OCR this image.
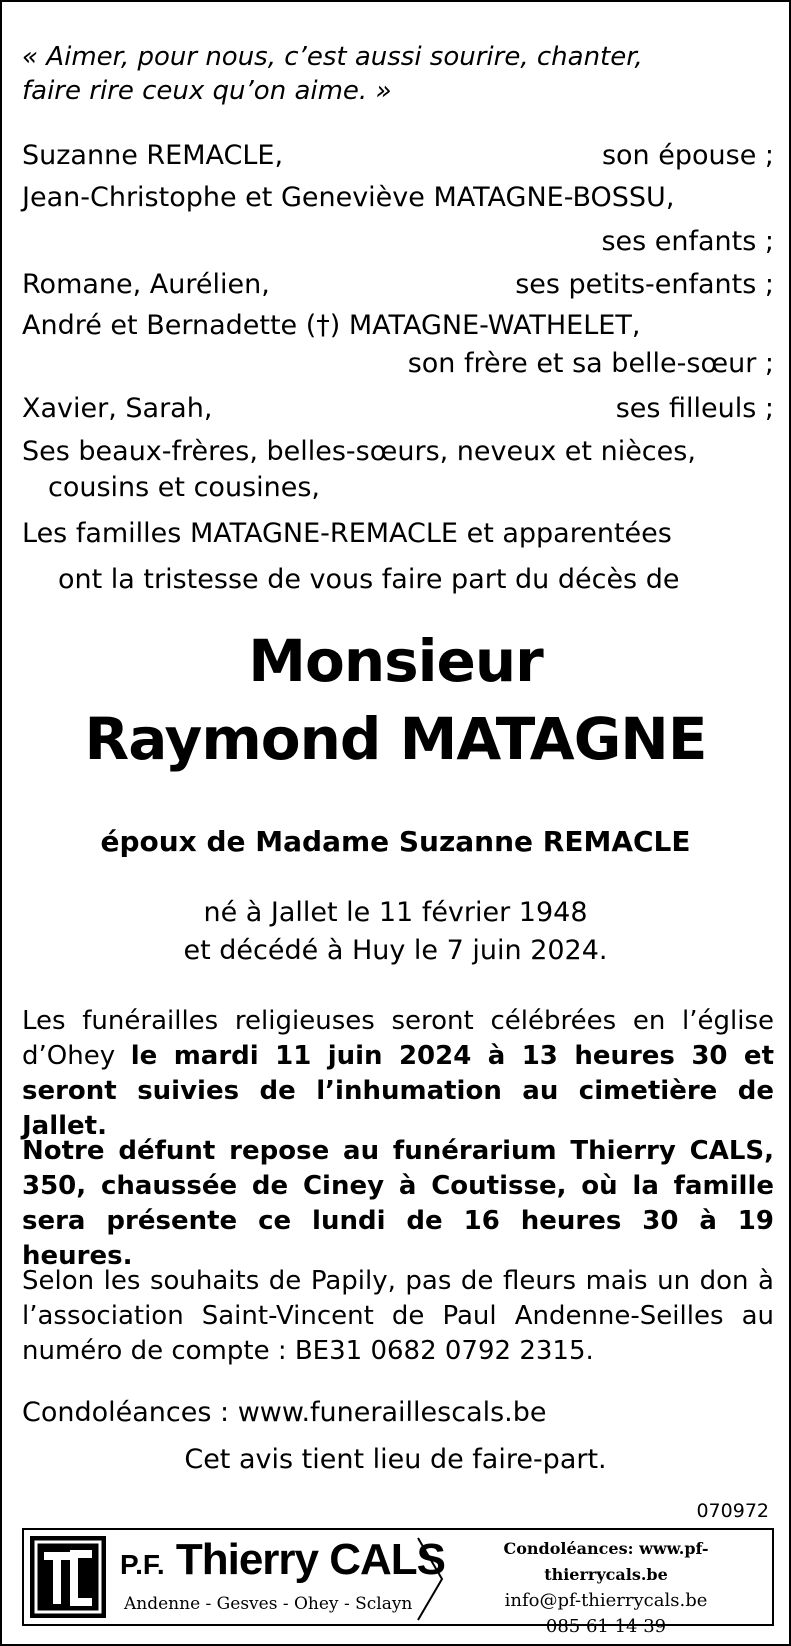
« Aimer, pour nous, c’est aussi sourire, chanter,
faire rire ceux qu’on aime. »
Suzanne REMACLE,	son épouse ;
Jean-Christophe et Geneviève MATAGNE-BOSSU,
ses enfants ;
Romane, Aurélien,	ses petits-enfants ;
André et Bernadette (†) MATAGNE-WATHELET,
son frère et sa belle-sœur ;
Xavier, Sarah,	ses filleuls ;
Ses beaux-frères, belles-sœurs, neveux et nièces,
cousins et cousines,
Les familles MATAGNE-REMACLE et apparentées
ont la tristesse de vous faire part du décès de
Monsieur
Raymond MATAGNE
époux de Madame Suzanne REMACLE
né à Jallet le 11 février 1948
et décédé à Huy le 7 juin 2024.
Les funérailles religieuses seront célébrées en l’église d’Ohey le mardi 11 juin 2024 à 13 heures 30 et seront suivies de l’inhumation au cimetière de Jallet.
Notre défunt repose au funérarium Thierry CALS, 350, chaussée de Ciney à Coutisse, où la famille sera présente ce lundi de 16 heures 30 à 19 heures.
Selon les souhaits de Papily, pas de fleurs mais un don à l’association Saint-Vincent de Paul Andenne-Seilles au numéro de compte : BE31 0682 0792 2315.
Condoléances : www.funeraillescals.be
Cet avis tient lieu de faire-part.
070972
P.F. Thierry CALS
Andenne - Gesves - Ohey - Sclayn
Condoléances: www.pf-thierrycals.be
info@pf-thierrycals.be
085 61 14 39
